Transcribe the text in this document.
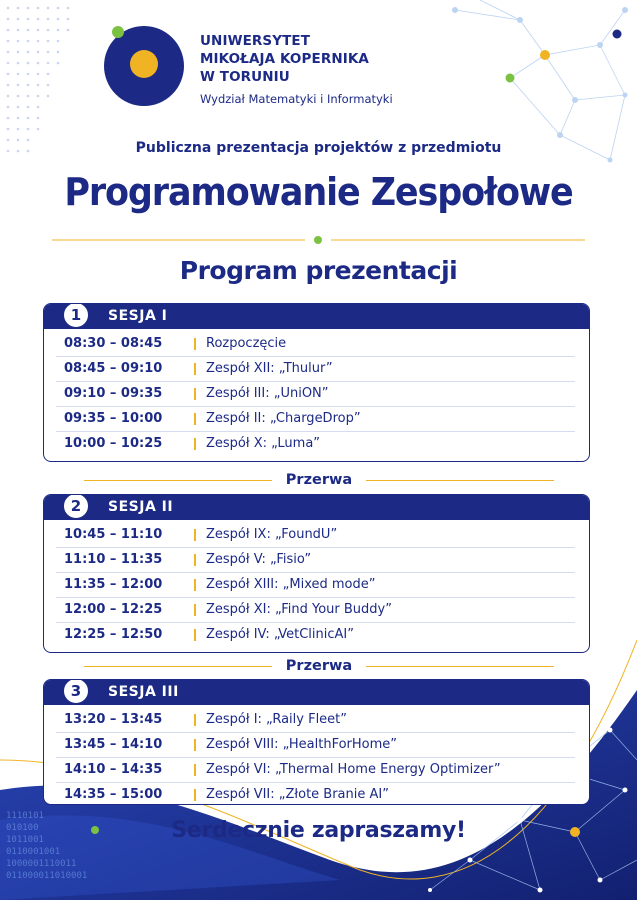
UNIWERSYTET
MIKOŁAJA KOPERNIKA
W TORUNIU
Wydział Matematyki i Informatyki
Publiczna prezentacja projektów z przedmiotu
Programowanie Zespołowe
Program prezentacji
1	SESJA I
08:30 – 08:45	Rozpoczęcie
08:45 – 09:10	Zespół XII: „Thulur”
09:10 – 09:35	Zespół III: „UniON”
09:35 – 10:00	Zespół II: „ChargeDrop”
10:00 – 10:25	Zespół X: „Luma”
Przerwa
2	SESJA II
10:45 – 11:10	Zespół IX: „FoundU”
11:10 – 11:35	Zespół V: „Fisio”
11:35 – 12:00	Zespół XIII: „Mixed mode”
12:00 – 12:25	Zespół XI: „Find Your Buddy”
12:25 – 12:50	Zespół IV: „VetClinicAI”
Przerwa
3	SESJA III
13:20 – 13:45	Zespół I: „Raily Fleet”
13:45 – 14:10	Zespół VIII: „HealthForHome”
14:10 – 14:35	Zespół VI: „Thermal Home Energy Optimizer”
14:35 – 15:00	Zespół VII: „Złote Branie AI”
1110101
010100
1011001
0110001001
1000001110011
011000011010001
Serdecznie zapraszamy!
